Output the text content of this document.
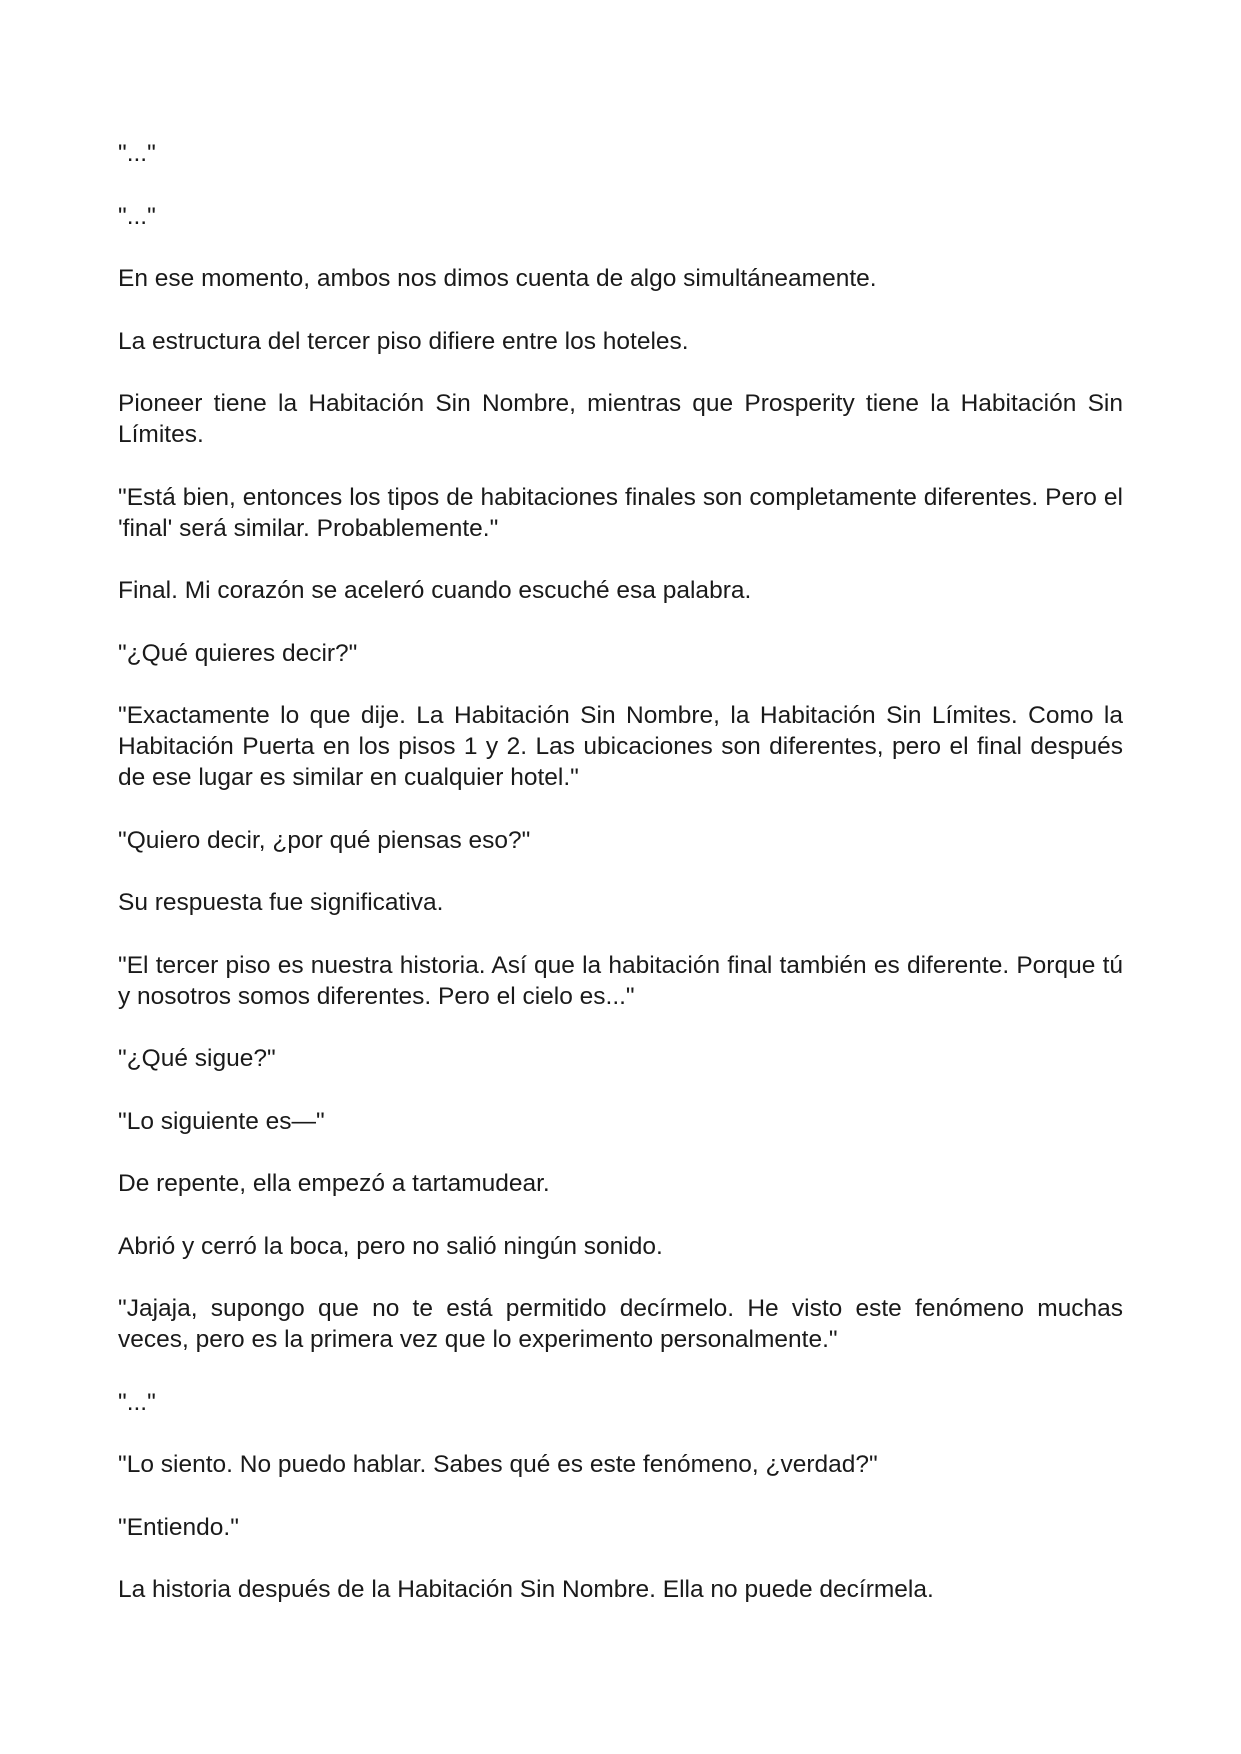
"..."

"..."

En ese momento, ambos nos dimos cuenta de algo simultáneamente.

La estructura del tercer piso difiere entre los hoteles.

Pioneer tiene la Habitación Sin Nombre, mientras que Prosperity tiene la Habitación Sin Límites.

"Está bien, entonces los tipos de habitaciones finales son completamente diferentes. Pero el 'final' será similar. Probablemente."

Final. Mi corazón se aceleró cuando escuché esa palabra.

"¿Qué quieres decir?"

"Exactamente lo que dije. La Habitación Sin Nombre, la Habitación Sin Límites. Como la Habitación Puerta en los pisos 1 y 2. Las ubicaciones son diferentes, pero el final después de ese lugar es similar en cualquier hotel."

"Quiero decir, ¿por qué piensas eso?"

Su respuesta fue significativa.

"El tercer piso es nuestra historia. Así que la habitación final también es diferente. Porque tú y nosotros somos diferentes. Pero el cielo es..."

"¿Qué sigue?"

"Lo siguiente es—"

De repente, ella empezó a tartamudear.

Abrió y cerró la boca, pero no salió ningún sonido.

"Jajaja, supongo que no te está permitido decírmelo. He visto este fenómeno muchas veces, pero es la primera vez que lo experimento personalmente."

"..."

"Lo siento. No puedo hablar. Sabes qué es este fenómeno, ¿verdad?"

"Entiendo."

La historia después de la Habitación Sin Nombre. Ella no puede decírmela.
